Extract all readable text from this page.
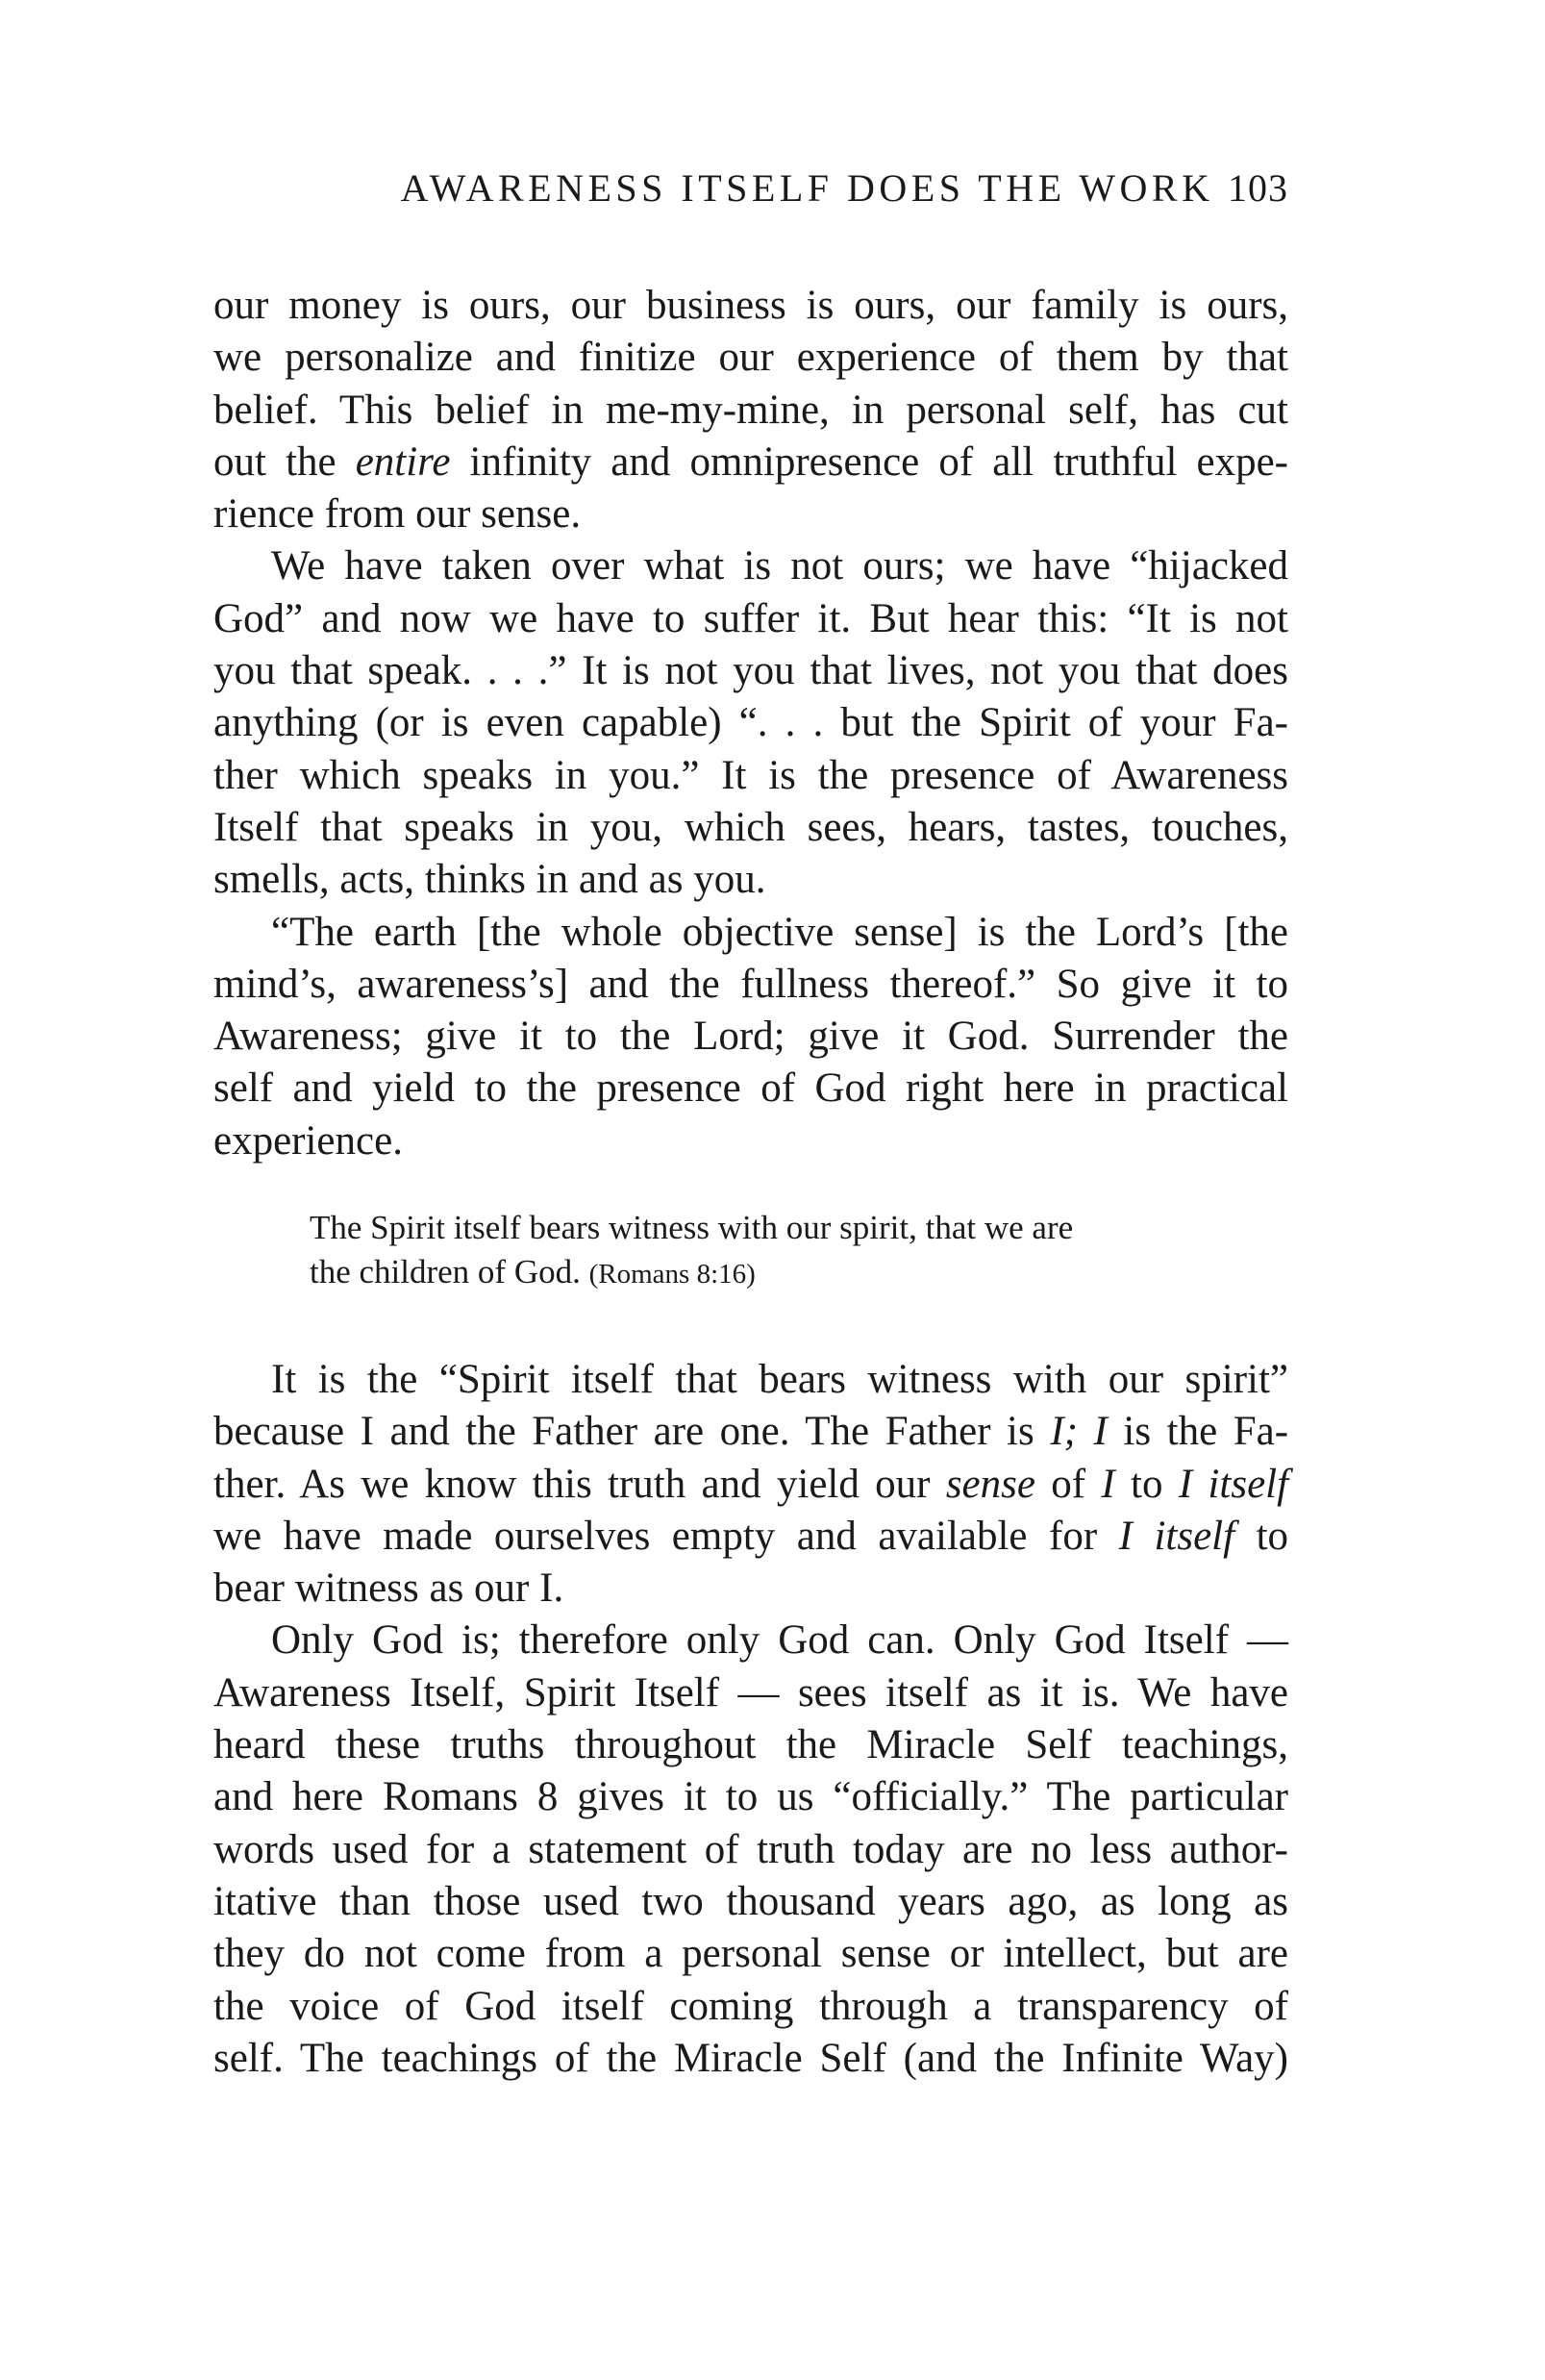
AWARENESS ITSELF DOES THE WORK 103
our money is ours, our business is ours, our family is ours,
we personalize and finitize our experience of them by that
belief. This belief in me-my-mine, in personal self, has cut
out the entire infinity and omnipresence of all truthful expe-
rience from our sense.
We have taken over what is not ours; we have “hijacked
God” and now we have to suffer it. But hear this: “It is not
you that speak. . . .” It is not you that lives, not you that does
anything (or is even capable) “. . . but the Spirit of your Fa-
ther which speaks in you.” It is the presence of Awareness
Itself that speaks in you, which sees, hears, tastes, touches,
smells, acts, thinks in and as you.
“The earth [the whole objective sense] is the Lord’s [the
mind’s, awareness’s] and the fullness thereof.” So give it to
Awareness; give it to the Lord; give it God. Surrender the
self and yield to the presence of God right here in practical
experience.
The Spirit itself bears witness with our spirit, that we are
the children of God. (Romans 8:16)
It is the “Spirit itself that bears witness with our spirit”
because I and the Father are one. The Father is I; I is the Fa-
ther. As we know this truth and yield our sense of I to I itself
we have made ourselves empty and available for I itself to
bear witness as our I.
Only God is; therefore only God can. Only God Itself —
Awareness Itself, Spirit Itself — sees itself as it is. We have
heard these truths throughout the Miracle Self teachings,
and here Romans 8 gives it to us “officially.” The particular
words used for a statement of truth today are no less author-
itative than those used two thousand years ago, as long as
they do not come from a personal sense or intellect, but are
the voice of God itself coming through a transparency of
self. The teachings of the Miracle Self (and the Infinite Way)
